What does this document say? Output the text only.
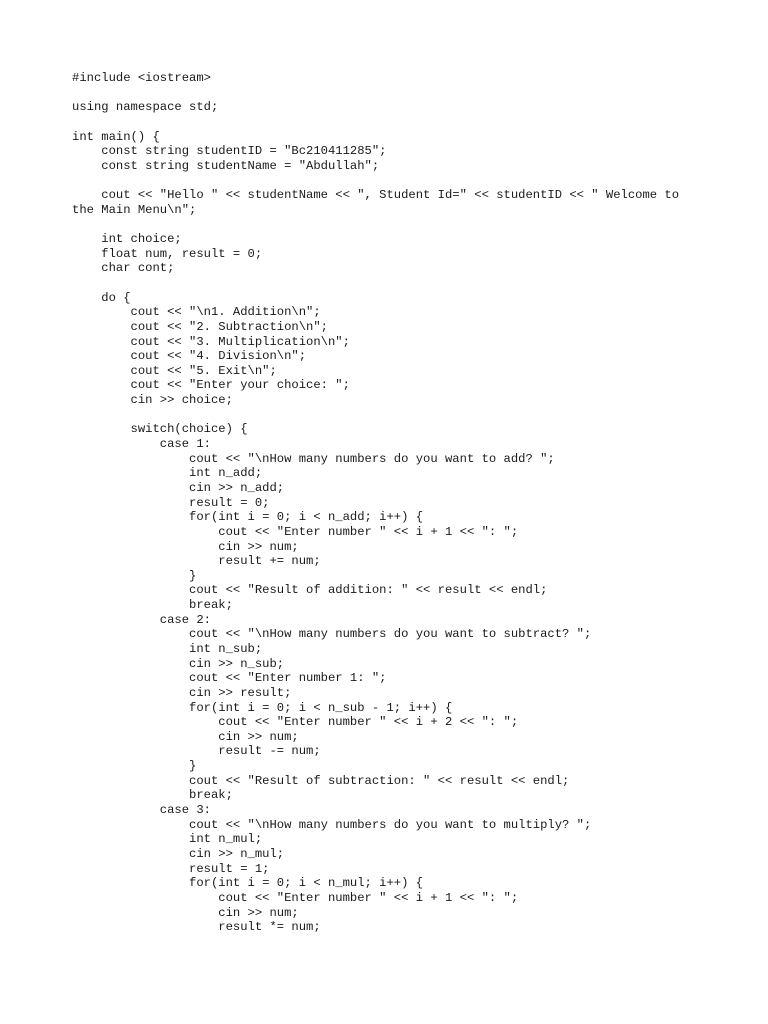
#include <iostream>
using namespace std;
int main() {
const string studentID = "Bc210411285";
const string studentName = "Abdullah";
cout << "Hello " << studentName << ", Student Id=" << studentID << " Welcome to
the Main Menu\n";
int choice;
float num, result = 0;
char cont;
do {
cout << "\n1. Addition\n";
cout << "2. Subtraction\n";
cout << "3. Multiplication\n";
cout << "4. Division\n";
cout << "5. Exit\n";
cout << "Enter your choice: ";
cin >> choice;
switch(choice) {
case 1:
cout << "\nHow many numbers do you want to add? ";
int n_add;
cin >> n_add;
result = 0;
for(int i = 0; i < n_add; i++) {
cout << "Enter number " << i + 1 << ": ";
cin >> num;
result += num;
}
cout << "Result of addition: " << result << endl;
break;
case 2:
cout << "\nHow many numbers do you want to subtract? ";
int n_sub;
cin >> n_sub;
cout << "Enter number 1: ";
cin >> result;
for(int i = 0; i < n_sub - 1; i++) {
cout << "Enter number " << i + 2 << ": ";
cin >> num;
result -= num;
}
cout << "Result of subtraction: " << result << endl;
break;
case 3:
cout << "\nHow many numbers do you want to multiply? ";
int n_mul;
cin >> n_mul;
result = 1;
for(int i = 0; i < n_mul; i++) {
cout << "Enter number " << i + 1 << ": ";
cin >> num;
result *= num;
